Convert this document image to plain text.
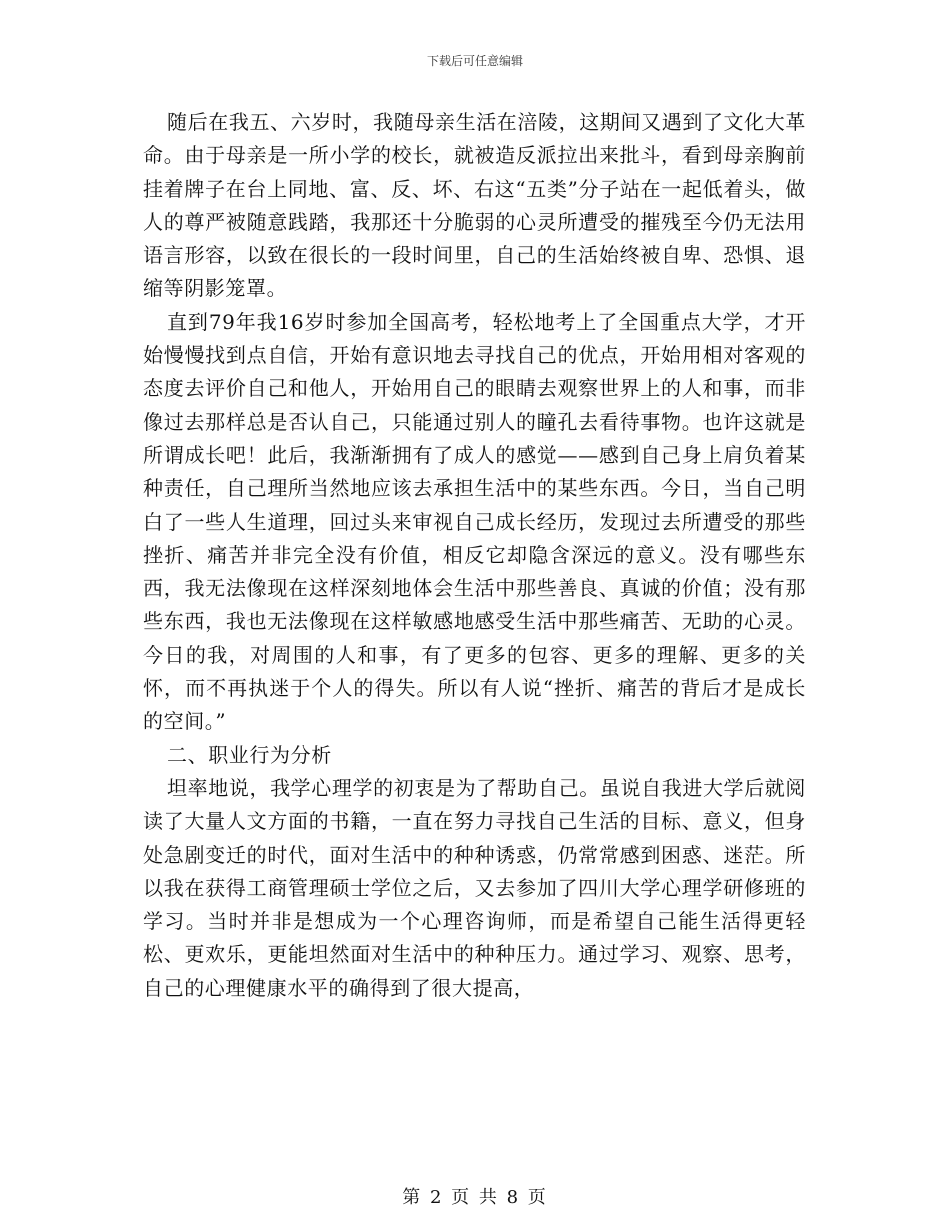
下载后可任意编辑

随后在我五、六岁时，我随母亲生活在涪陵，这期间又遇到了文化大革命。由于母亲是一所小学的校长，就被造反派拉出来批斗，看到母亲胸前挂着牌子在台上同地、富、反、坏、右这“五类”分子站在一起低着头，做人的尊严被随意践踏，我那还十分脆弱的心灵所遭受的摧残至今仍无法用语言形容，以致在很长的一段时间里，自己的生活始终被自卑、恐惧、退缩等阴影笼罩。

直到79年我16岁时参加全国高考，轻松地考上了全国重点大学，才开始慢慢找到点自信，开始有意识地去寻找自己的优点，开始用相对客观的态度去评价自己和他人，开始用自己的眼睛去观察世界上的人和事，而非像过去那样总是否认自己，只能通过别人的瞳孔去看待事物。也许这就是所谓成长吧！此后，我渐渐拥有了成人的感觉——感到自己身上肩负着某种责任，自己理所当然地应该去承担生活中的某些东西。今日，当自己明白了一些人生道理，回过头来审视自己成长经历，发现过去所遭受的那些挫折、痛苦并非完全没有价值，相反它却隐含深远的意义。没有哪些东西，我无法像现在这样深刻地体会生活中那些善良、真诚的价值；没有那些东西，我也无法像现在这样敏感地感受生活中那些痛苦、无助的心灵。今日的我，对周围的人和事，有了更多的包容、更多的理解、更多的关怀，而不再执迷于个人的得失。所以有人说“挫折、痛苦的背后才是成长的空间。”

二、职业行为分析

坦率地说，我学心理学的初衷是为了帮助自己。虽说自我进大学后就阅读了大量人文方面的书籍，一直在努力寻找自己生活的目标、意义，但身处急剧变迁的时代，面对生活中的种种诱惑，仍常常感到困惑、迷茫。所以我在获得工商管理硕士学位之后，又去参加了四川大学心理学研修班的学习。当时并非是想成为一个心理咨询师，而是希望自己能生活得更轻松、更欢乐，更能坦然面对生活中的种种压力。通过学习、观察、思考，自己的心理健康水平的确得到了很大提高，

第 2 页 共 8 页
